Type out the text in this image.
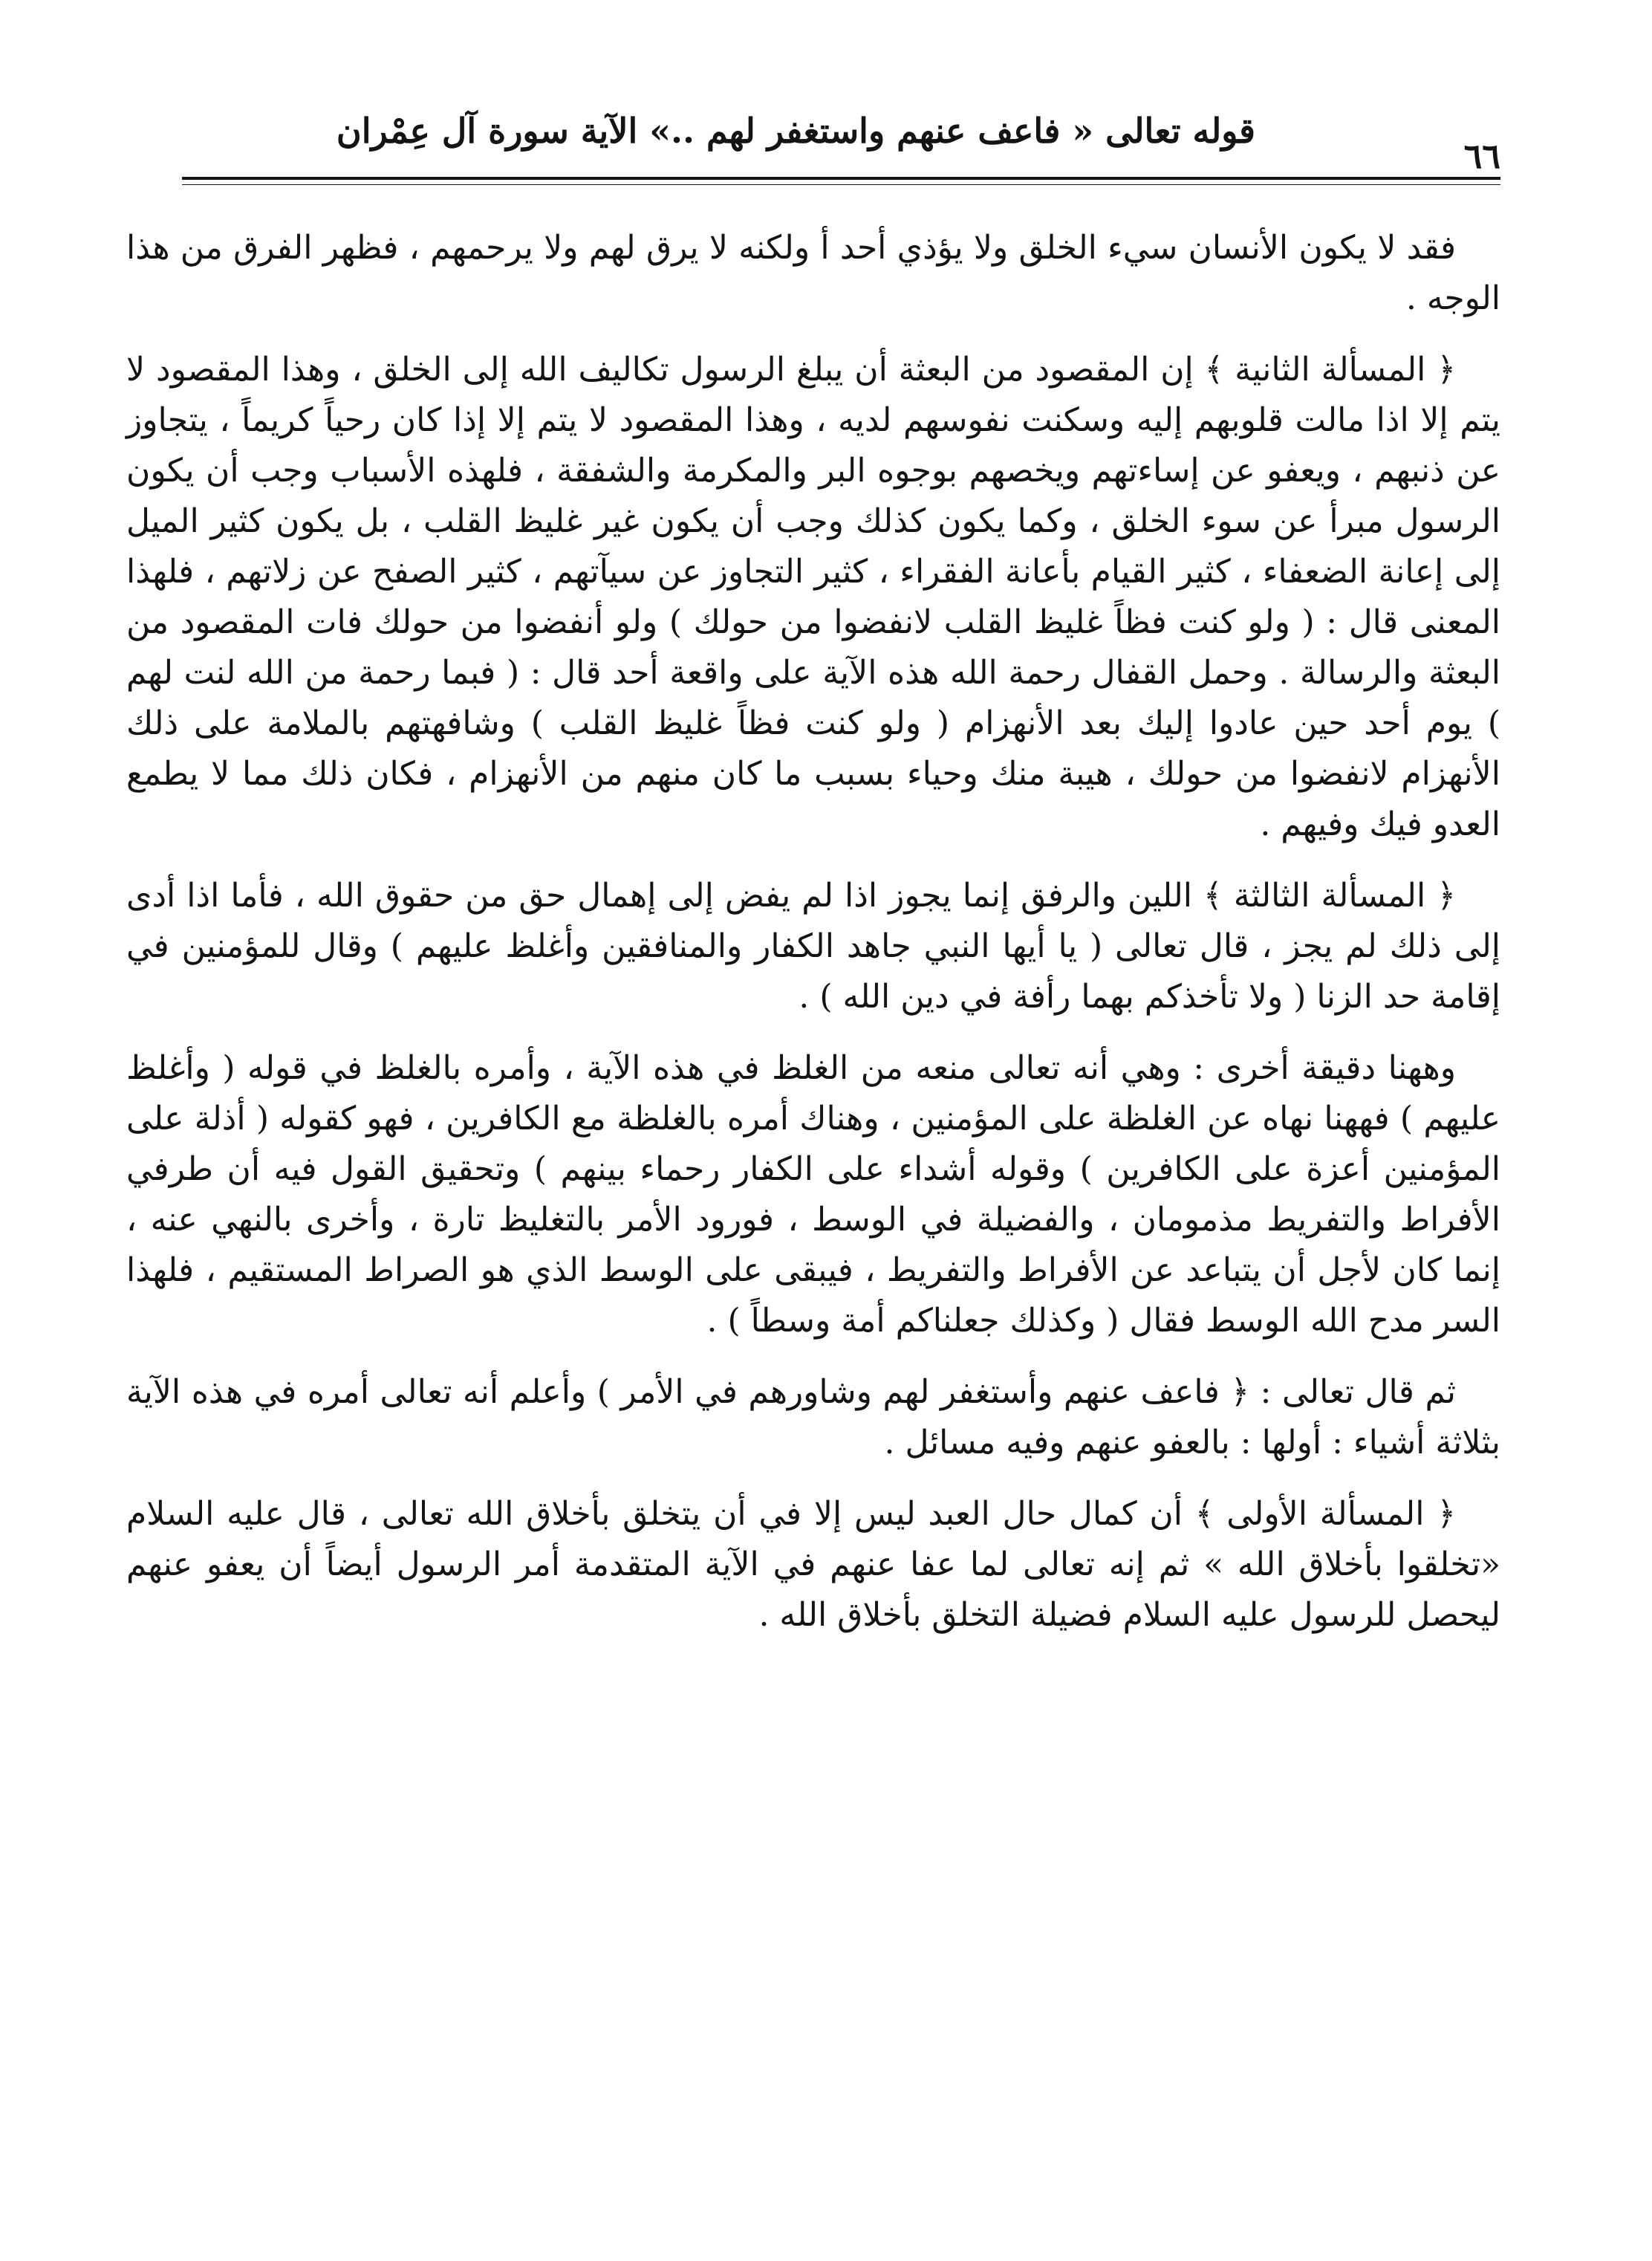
٦٦
قوله تعالى « فاعف عنهم واستغفر لهم ..» الآية سورة آل عِمْران

فقد لا يكون الأنسان سيء الخلق ولا يؤذي أحد أ ولكنه لا يرق لهم ولا يرحمهم ، فظهر الفرق من هذا الوجه .

﴿ المسألة الثانية ﴾ إن المقصود من البعثة أن يبلغ الرسول تكاليف الله إلى الخلق ، وهذا المقصود لا يتم إلا اذا مالت قلوبهم إليه وسكنت نفوسهم لديه ، وهذا المقصود لا يتم إلا إذا كان رحياً كريماً ، يتجاوز عن ذنبهم ، ويعفو عن إساءتهم ويخصهم بوجوه البر والمكرمة والشفقة ، فلهذه الأسباب وجب أن يكون الرسول مبرأ عن سوء الخلق ، وكما يكون كذلك وجب أن يكون غير غليظ القلب ، بل يكون كثير الميل إلى إعانة الضعفاء ، كثير القيام بأعانة الفقراء ، كثير التجاوز عن سيآتهم ، كثير الصفح عن زلاتهم ، فلهذا المعنى قال : ( ولو كنت فظاً غليظ القلب لانفضوا من حولك ) ولو أنفضوا من حولك فات المقصود من البعثة والرسالة . وحمل القفال رحمة الله هذه الآية على واقعة أحد قال : ( فبما رحمة من الله لنت لهم ) يوم أحد حين عادوا إليك بعد الأنهزام ( ولو كنت فظاً غليظ القلب ) وشافهتهم بالملامة على ذلك الأنهزام لانفضوا من حولك ، هيبة منك وحياء بسبب ما كان منهم من الأنهزام ، فكان ذلك مما لا يطمع العدو فيك وفيهم .

﴿ المسألة الثالثة ﴾ اللين والرفق إنما يجوز اذا لم يفض إلى إهمال حق من حقوق الله ، فأما اذا أدى إلى ذلك لم يجز ، قال تعالى ( يا أيها النبي جاهد الكفار والمنافقين وأغلظ عليهم ) وقال للمؤمنين في إقامة حد الزنا ( ولا تأخذكم بهما رأفة في دين الله ) .

وههنا دقيقة أخرى : وهي أنه تعالى منعه من الغلظ في هذه الآية ، وأمره بالغلظ في قوله ( وأغلظ عليهم ) فههنا نهاه عن الغلظة على المؤمنين ، وهناك أمره بالغلظة مع الكافرين ، فهو كقوله ( أذلة على المؤمنين أعزة على الكافرين ) وقوله أشداء على الكفار رحماء بينهم ) وتحقيق القول فيه أن طرفي الأفراط والتفريط مذمومان ، والفضيلة في الوسط ، فورود الأمر بالتغليظ تارة ، وأخرى بالنهي عنه ، إنما كان لأجل أن يتباعد عن الأفراط والتفريط ، فيبقى على الوسط الذي هو الصراط المستقيم ، فلهذا السر مدح الله الوسط فقال ( وكذلك جعلناكم أمة وسطاً ) .

ثم قال تعالى : ﴿ فاعف عنهم وأستغفر لهم وشاورهم في الأمر ) وأعلم أنه تعالى أمره في هذه الآية بثلاثة أشياء : أولها : بالعفو عنهم وفيه مسائل .

﴿ المسألة الأولى ﴾ أن كمال حال العبد ليس إلا في أن يتخلق بأخلاق الله تعالى ، قال عليه السلام «تخلقوا بأخلاق الله » ثم إنه تعالى لما عفا عنهم في الآية المتقدمة أمر الرسول أيضاً أن يعفو عنهم ليحصل للرسول عليه السلام فضيلة التخلق بأخلاق الله .
